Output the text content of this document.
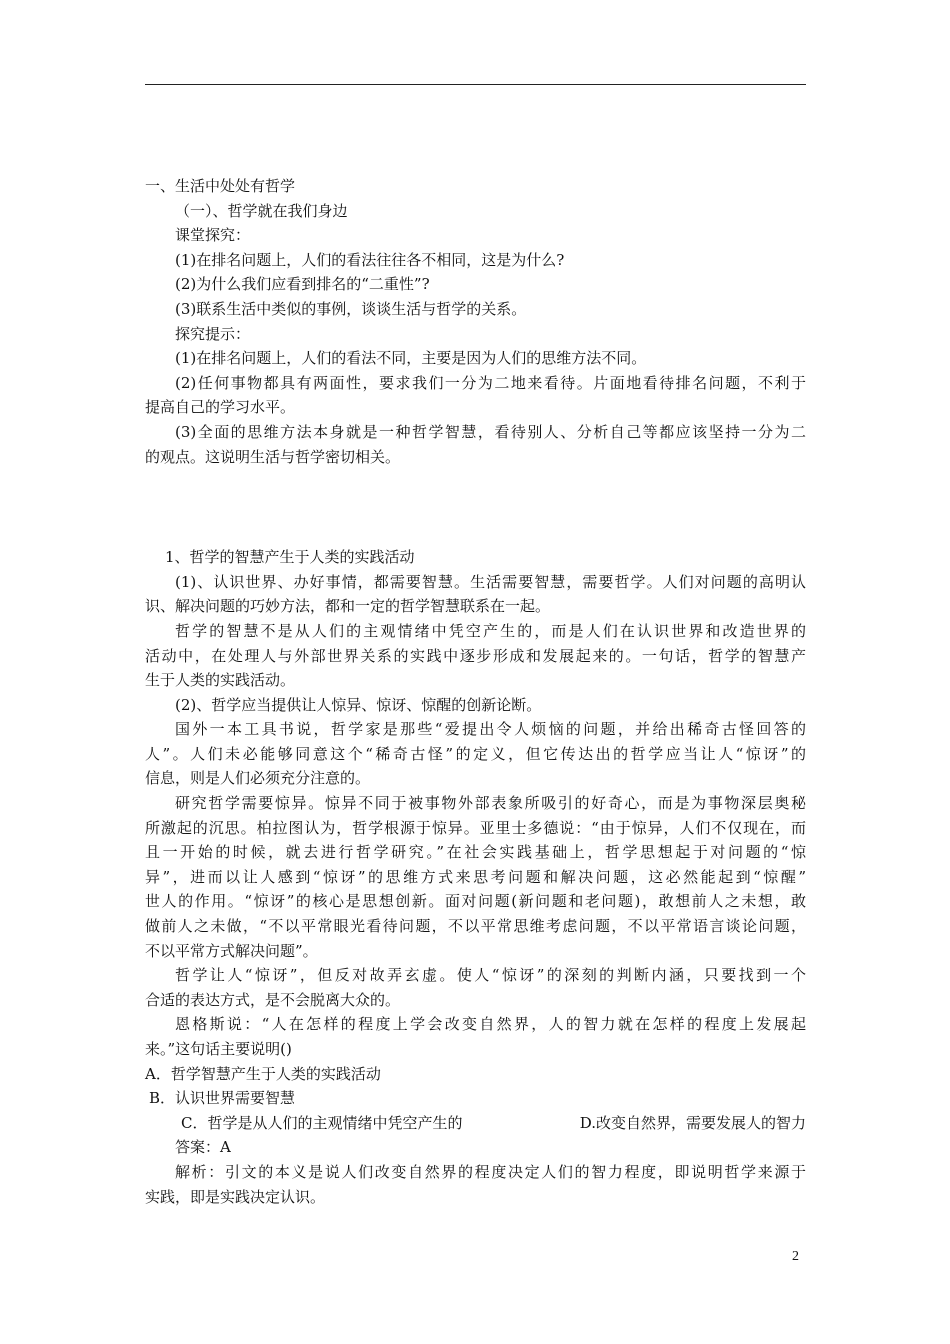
一、生活中处处有哲学
（一）、哲学就在我们身边
课堂探究：
(1)在排名问题上，人们的看法往往各不相同，这是为什么?
(2)为什么我们应看到排名的“二重性”?
(3)联系生活中类似的事例，谈谈生活与哲学的关系。
探究提示：
(1)在排名问题上，人们的看法不同，主要是因为人们的思维方法不同。
(2)任何事物都具有两面性，要求我们一分为二地来看待。片面地看待排名问题，不利于
提高自己的学习水平。
(3)全面的思维方法本身就是一种哲学智慧，看待别人、分析自己等都应该坚持一分为二
的观点。这说明生活与哲学密切相关。
1、哲学的智慧产生于人类的实践活动
(1)、认识世界、办好事情，都需要智慧。生活需要智慧，需要哲学。人们对问题的高明认
识、解决问题的巧妙方法，都和一定的哲学智慧联系在一起。
哲学的智慧不是从人们的主观情绪中凭空产生的，而是人们在认识世界和改造世界的
活动中，在处理人与外部世界关系的实践中逐步形成和发展起来的。一句话，哲学的智慧产
生于人类的实践活动。
(2)、哲学应当提供让人惊异、惊讶、惊醒的创新论断。
国外一本工具书说，哲学家是那些“爱提出令人烦恼的问题，并给出稀奇古怪回答的
人”。人们未必能够同意这个“稀奇古怪”的定义，但它传达出的哲学应当让人“惊讶”的
信息，则是人们必须充分注意的。
研究哲学需要惊异。惊异不同于被事物外部表象所吸引的好奇心，而是为事物深层奥秘
所激起的沉思。柏拉图认为，哲学根源于惊异。亚里士多德说：“由于惊异，人们不仅现在，而
且一开始的时候，就去进行哲学研究。”在社会实践基础上，哲学思想起于对问题的“惊
异”，进而以让人感到“惊讶”的思维方式来思考问题和解决问题，这必然能起到“惊醒”
世人的作用。“惊讶”的核心是思想创新。面对问题(新问题和老问题)，敢想前人之未想，敢
做前人之未做，“不以平常眼光看待问题，不以平常思维考虑问题，不以平常语言谈论问题，
不以平常方式解决问题”。
哲学让人“惊讶”，但反对故弄玄虚。使人“惊讶”的深刻的判断内涵，只要找到一个
合适的表达方式，是不会脱离大众的。
恩格斯说：“人在怎样的程度上学会改变自然界，人的智力就在怎样的程度上发展起
来。”这句话主要说明()
A．哲学智慧产生于人类的实践活动
B．认识世界需要智慧
C．哲学是从人们的主观情绪中凭空产生的	D.改变自然界，需要发展人的智力
答案：A
解析：引文的本义是说人们改变自然界的程度决定人们的智力程度，即说明哲学来源于
实践，即是实践决定认识。
2
